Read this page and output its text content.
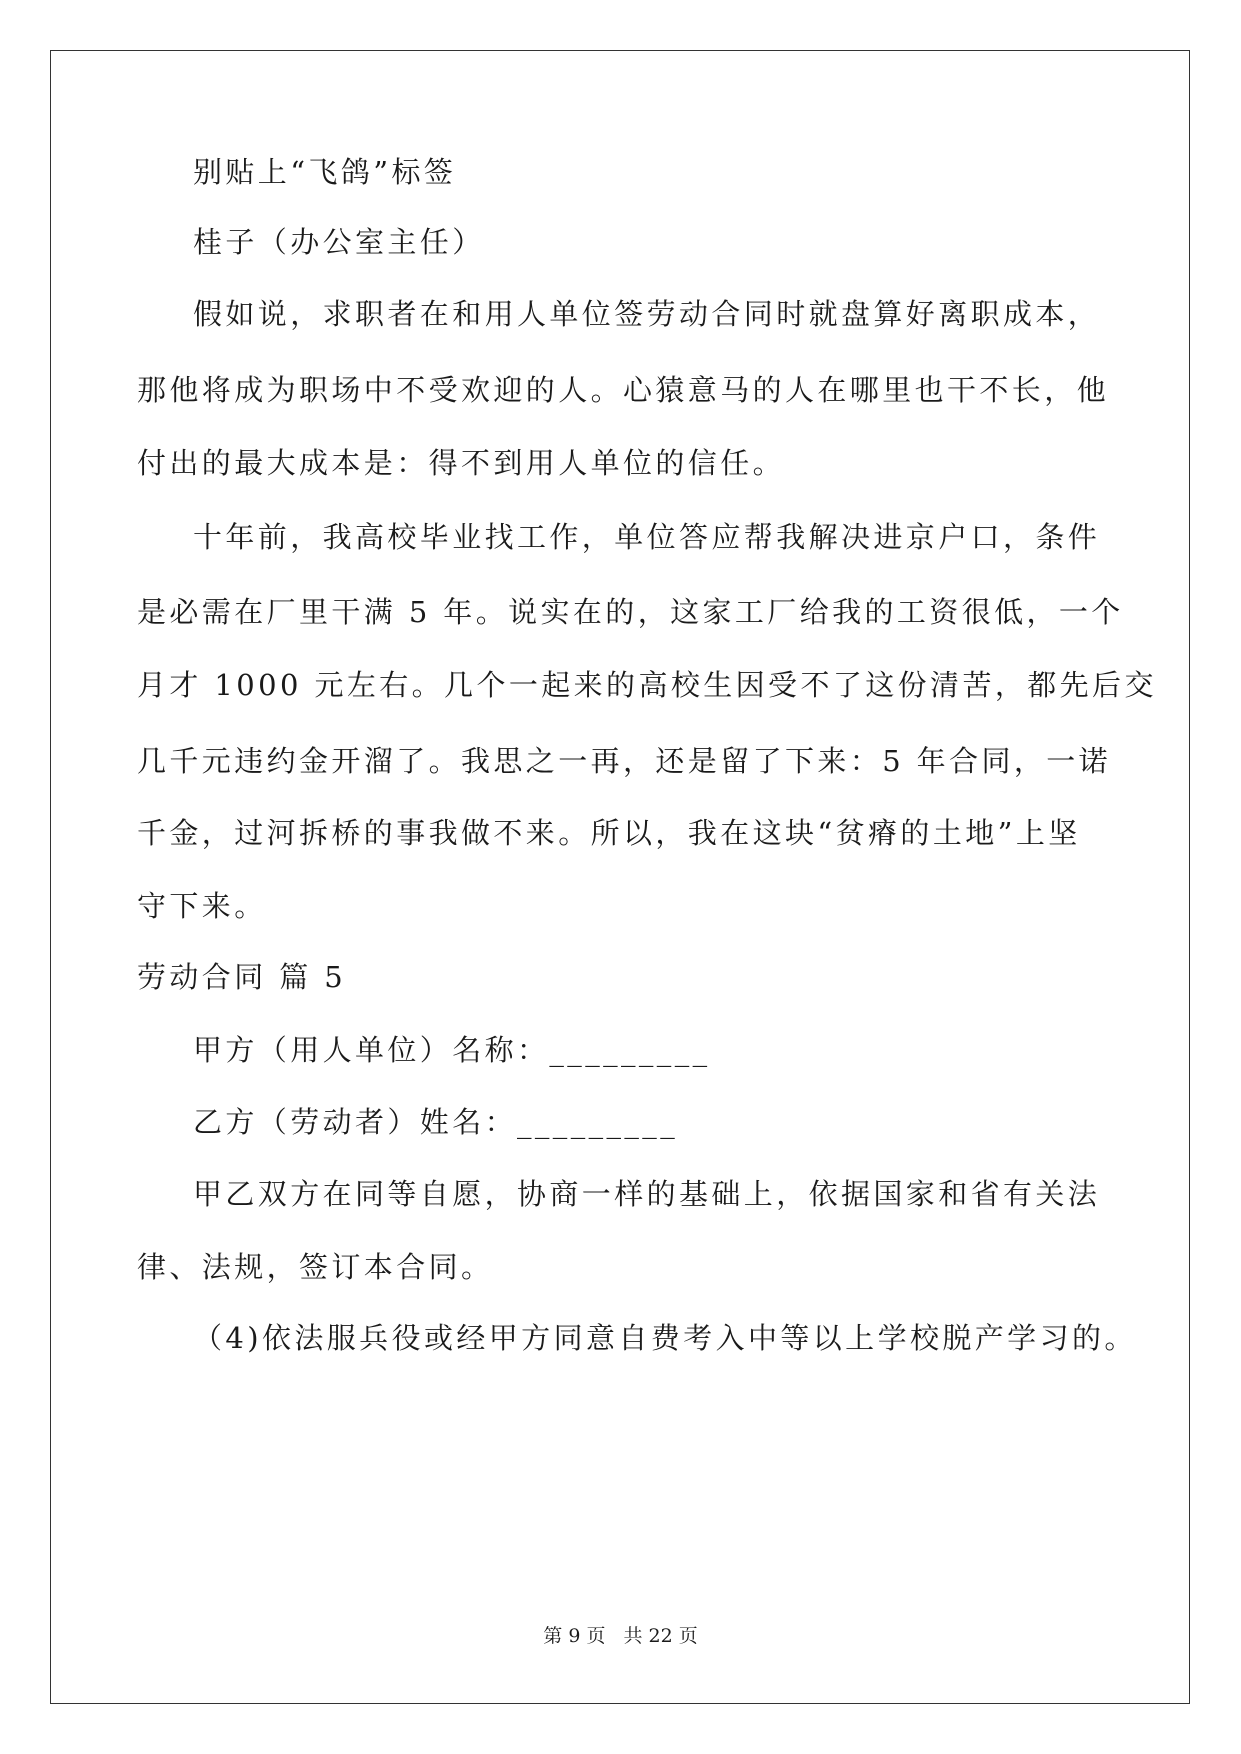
别贴上“飞鸽”标签
桂子（办公室主任）
假如说，求职者在和用人单位签劳动合同时就盘算好离职成本，
那他将成为职场中不受欢迎的人。心猿意马的人在哪里也干不长，他
付出的最大成本是：得不到用人单位的信任。
十年前，我高校毕业找工作，单位答应帮我解决进京户口，条件
是必需在厂里干满 5 年。说实在的，这家工厂给我的工资很低，一个
月才 1000 元左右。几个一起来的高校生因受不了这份清苦，都先后交
几千元违约金开溜了。我思之一再，还是留了下来：5 年合同，一诺
千金，过河拆桥的事我做不来。所以，我在这块“贫瘠的土地”上坚
守下来。
劳动合同 篇 5
甲方（用人单位）名称：_________
乙方（劳动者）姓名：_________
甲乙双方在同等自愿，协商一样的基础上，依据国家和省有关法
律、法规，签订本合同。
（4)依法服兵役或经甲方同意自费考入中等以上学校脱产学习的。
第 9 页 共 22 页
